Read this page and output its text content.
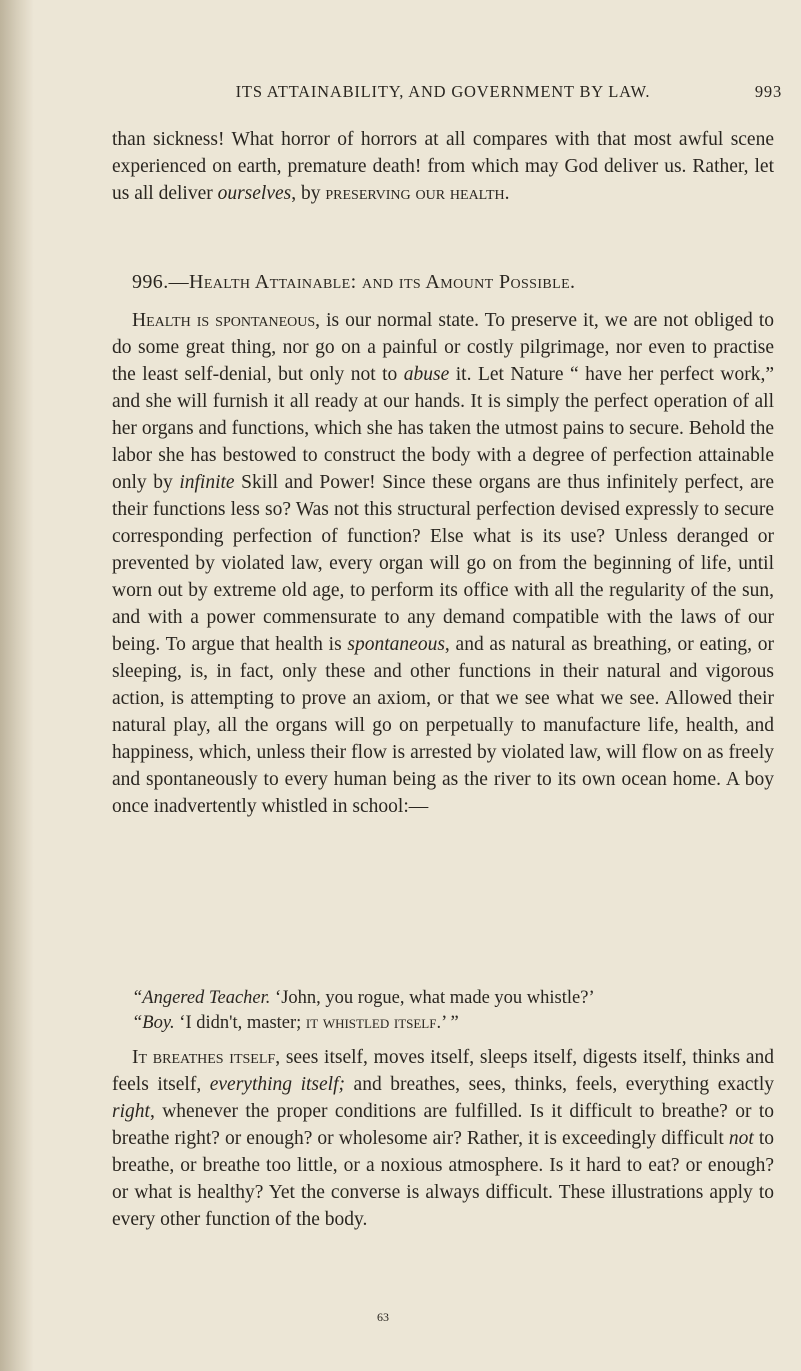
ITS ATTAINABILITY, AND GOVERNMENT BY LAW.	993

than sickness! What horror of horrors at all compares with that most awful scene experienced on earth, premature death! from which may God deliver us. Rather, let us all deliver ourselves, by preserving our health.

996.—Health Attainable: and its Amount Possible.

Health is spontaneous, is our normal state. To preserve it, we are not obliged to do some great thing, nor go on a painful or costly pilgrimage, nor even to practise the least self-denial, but only not to abuse it. Let Nature “ have her perfect work,” and she will furnish it all ready at our hands. It is simply the perfect operation of all her organs and functions, which she has taken the utmost pains to secure. Behold the labor she has bestowed to construct the body with a degree of perfection attainable only by infinite Skill and Power! Since these organs are thus infinitely perfect, are their functions less so? Was not this structural perfection devised expressly to secure corresponding perfection of function? Else what is its use? Unless deranged or prevented by violated law, every organ will go on from the beginning of life, until worn out by extreme old age, to perform its office with all the regularity of the sun, and with a power commensurate to any demand compatible with the laws of our being. To argue that health is spontaneous, and as natural as breathing, or eating, or sleeping, is, in fact, only these and other functions in their natural and vigorous action, is attempting to prove an axiom, or that we see what we see. Allowed their natural play, all the organs will go on perpetually to manufacture life, health, and happiness, which, unless their flow is arrested by violated law, will flow on as freely and spontaneously to every human being as the river to its own ocean home. A boy once inadvertently whistled in school:—

“Angered Teacher. ‘John, you rogue, what made you whistle?’
“Boy. ‘I didn't, master; it whistled itself.’ ”

It breathes itself, sees itself, moves itself, sleeps itself, digests itself, thinks and feels itself, everything itself; and breathes, sees, thinks, feels, everything exactly right, whenever the proper conditions are fulfilled. Is it difficult to breathe? or to breathe right? or enough? or wholesome air? Rather, it is exceedingly difficult not to breathe, or breathe too little, or a noxious atmosphere. Is it hard to eat? or enough? or what is healthy? Yet the converse is always difficult. These illustrations apply to every other function of the body.

63
